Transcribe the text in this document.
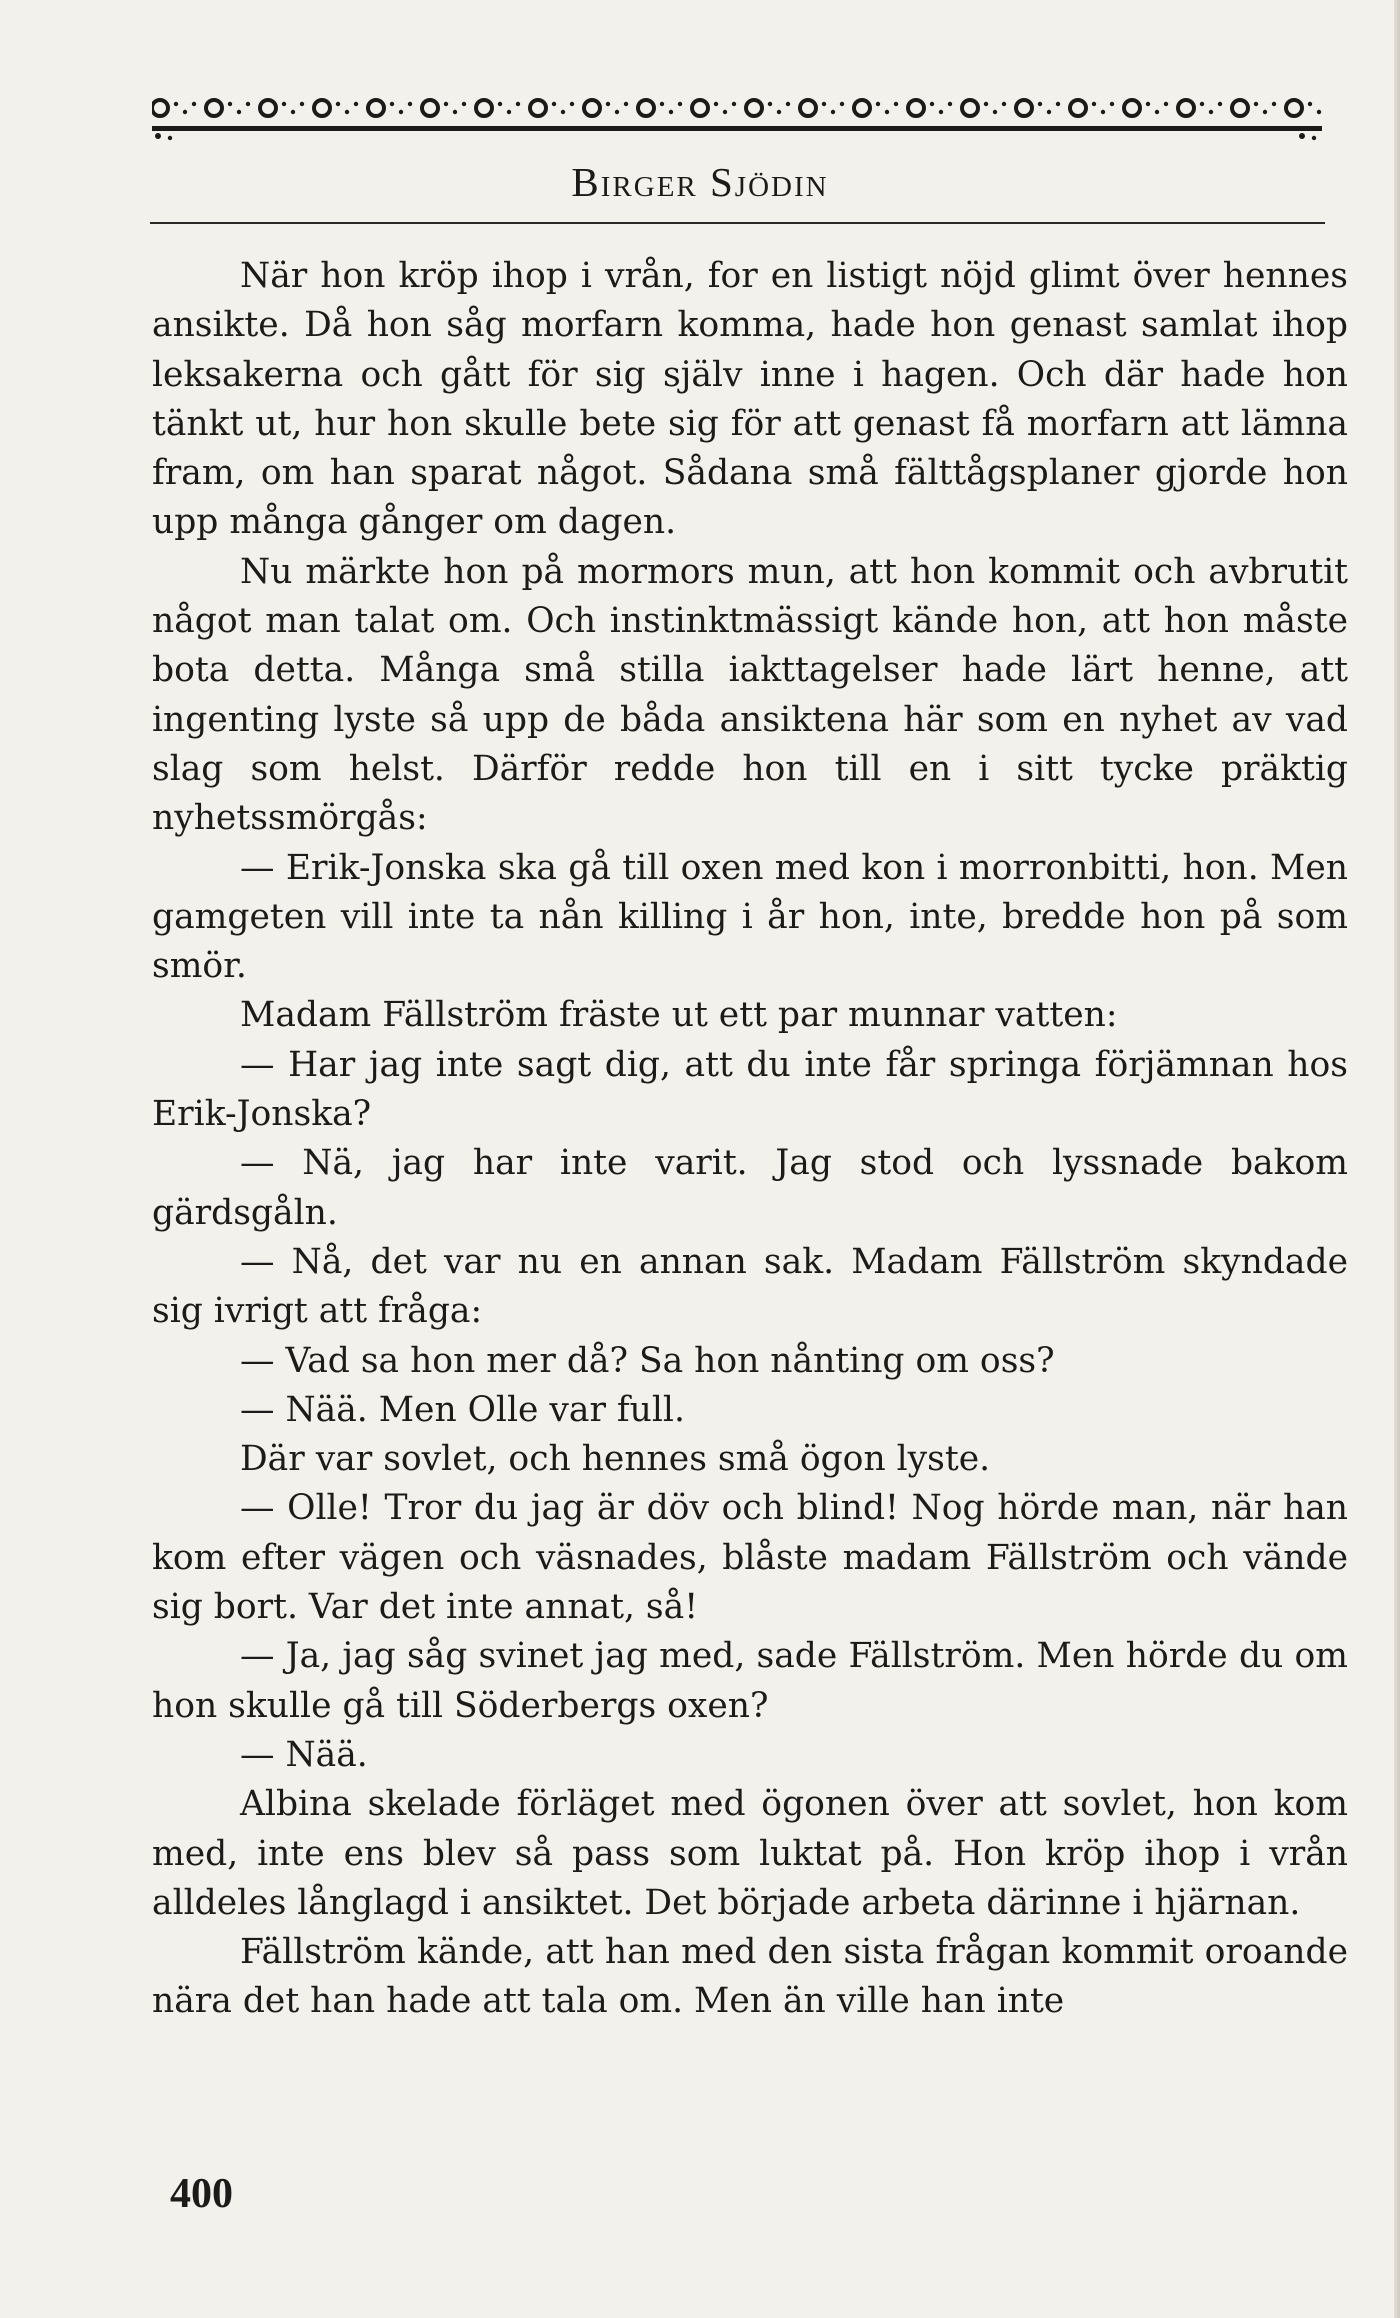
Birger Sjödin

När hon kröp ihop i vrån, for en listigt nöjd glimt över hennes ansikte. Då hon såg morfarn komma, hade hon genast samlat ihop leksakerna och gått för sig själv inne i hagen. Och där hade hon tänkt ut, hur hon skulle bete sig för att genast få morfarn att lämna fram, om han sparat något. Sådana små fälttågsplaner gjorde hon upp många gånger om dagen.

Nu märkte hon på mormors mun, att hon kommit och avbrutit något man talat om. Och instinktmässigt kände hon, att hon måste bota detta. Många små stilla iakttagelser hade lärt henne, att ingenting lyste så upp de båda ansiktena här som en nyhet av vad slag som helst. Därför redde hon till en i sitt tycke präktig nyhetssmörgås:

— Erik-Jonska ska gå till oxen med kon i morronbitti, hon. Men gamgeten vill inte ta nån killing i år hon, inte, bredde hon på som smör.

Madam Fällström fräste ut ett par munnar vatten:

— Har jag inte sagt dig, att du inte får springa förjämnan hos Erik-Jonska?

— Nä, jag har inte varit. Jag stod och lyssnade bakom gärdsgåln.

— Nå, det var nu en annan sak. Madam Fällström skyndade sig ivrigt att fråga:

— Vad sa hon mer då? Sa hon nånting om oss?

— Nää. Men Olle var full.

Där var sovlet, och hennes små ögon lyste.

— Olle! Tror du jag är döv och blind! Nog hörde man, när han kom efter vägen och väsnades, blåste madam Fällström och vände sig bort. Var det inte annat, så!

— Ja, jag såg svinet jag med, sade Fällström. Men hörde du om hon skulle gå till Söderbergs oxen?

— Nää.

Albina skelade förläget med ögonen över att sovlet, hon kom med, inte ens blev så pass som luktat på. Hon kröp ihop i vrån alldeles långlagd i ansiktet. Det började arbeta därinne i hjärnan.

Fällström kände, att han med den sista frågan kommit oroande nära det han hade att tala om. Men än ville han inte

400
